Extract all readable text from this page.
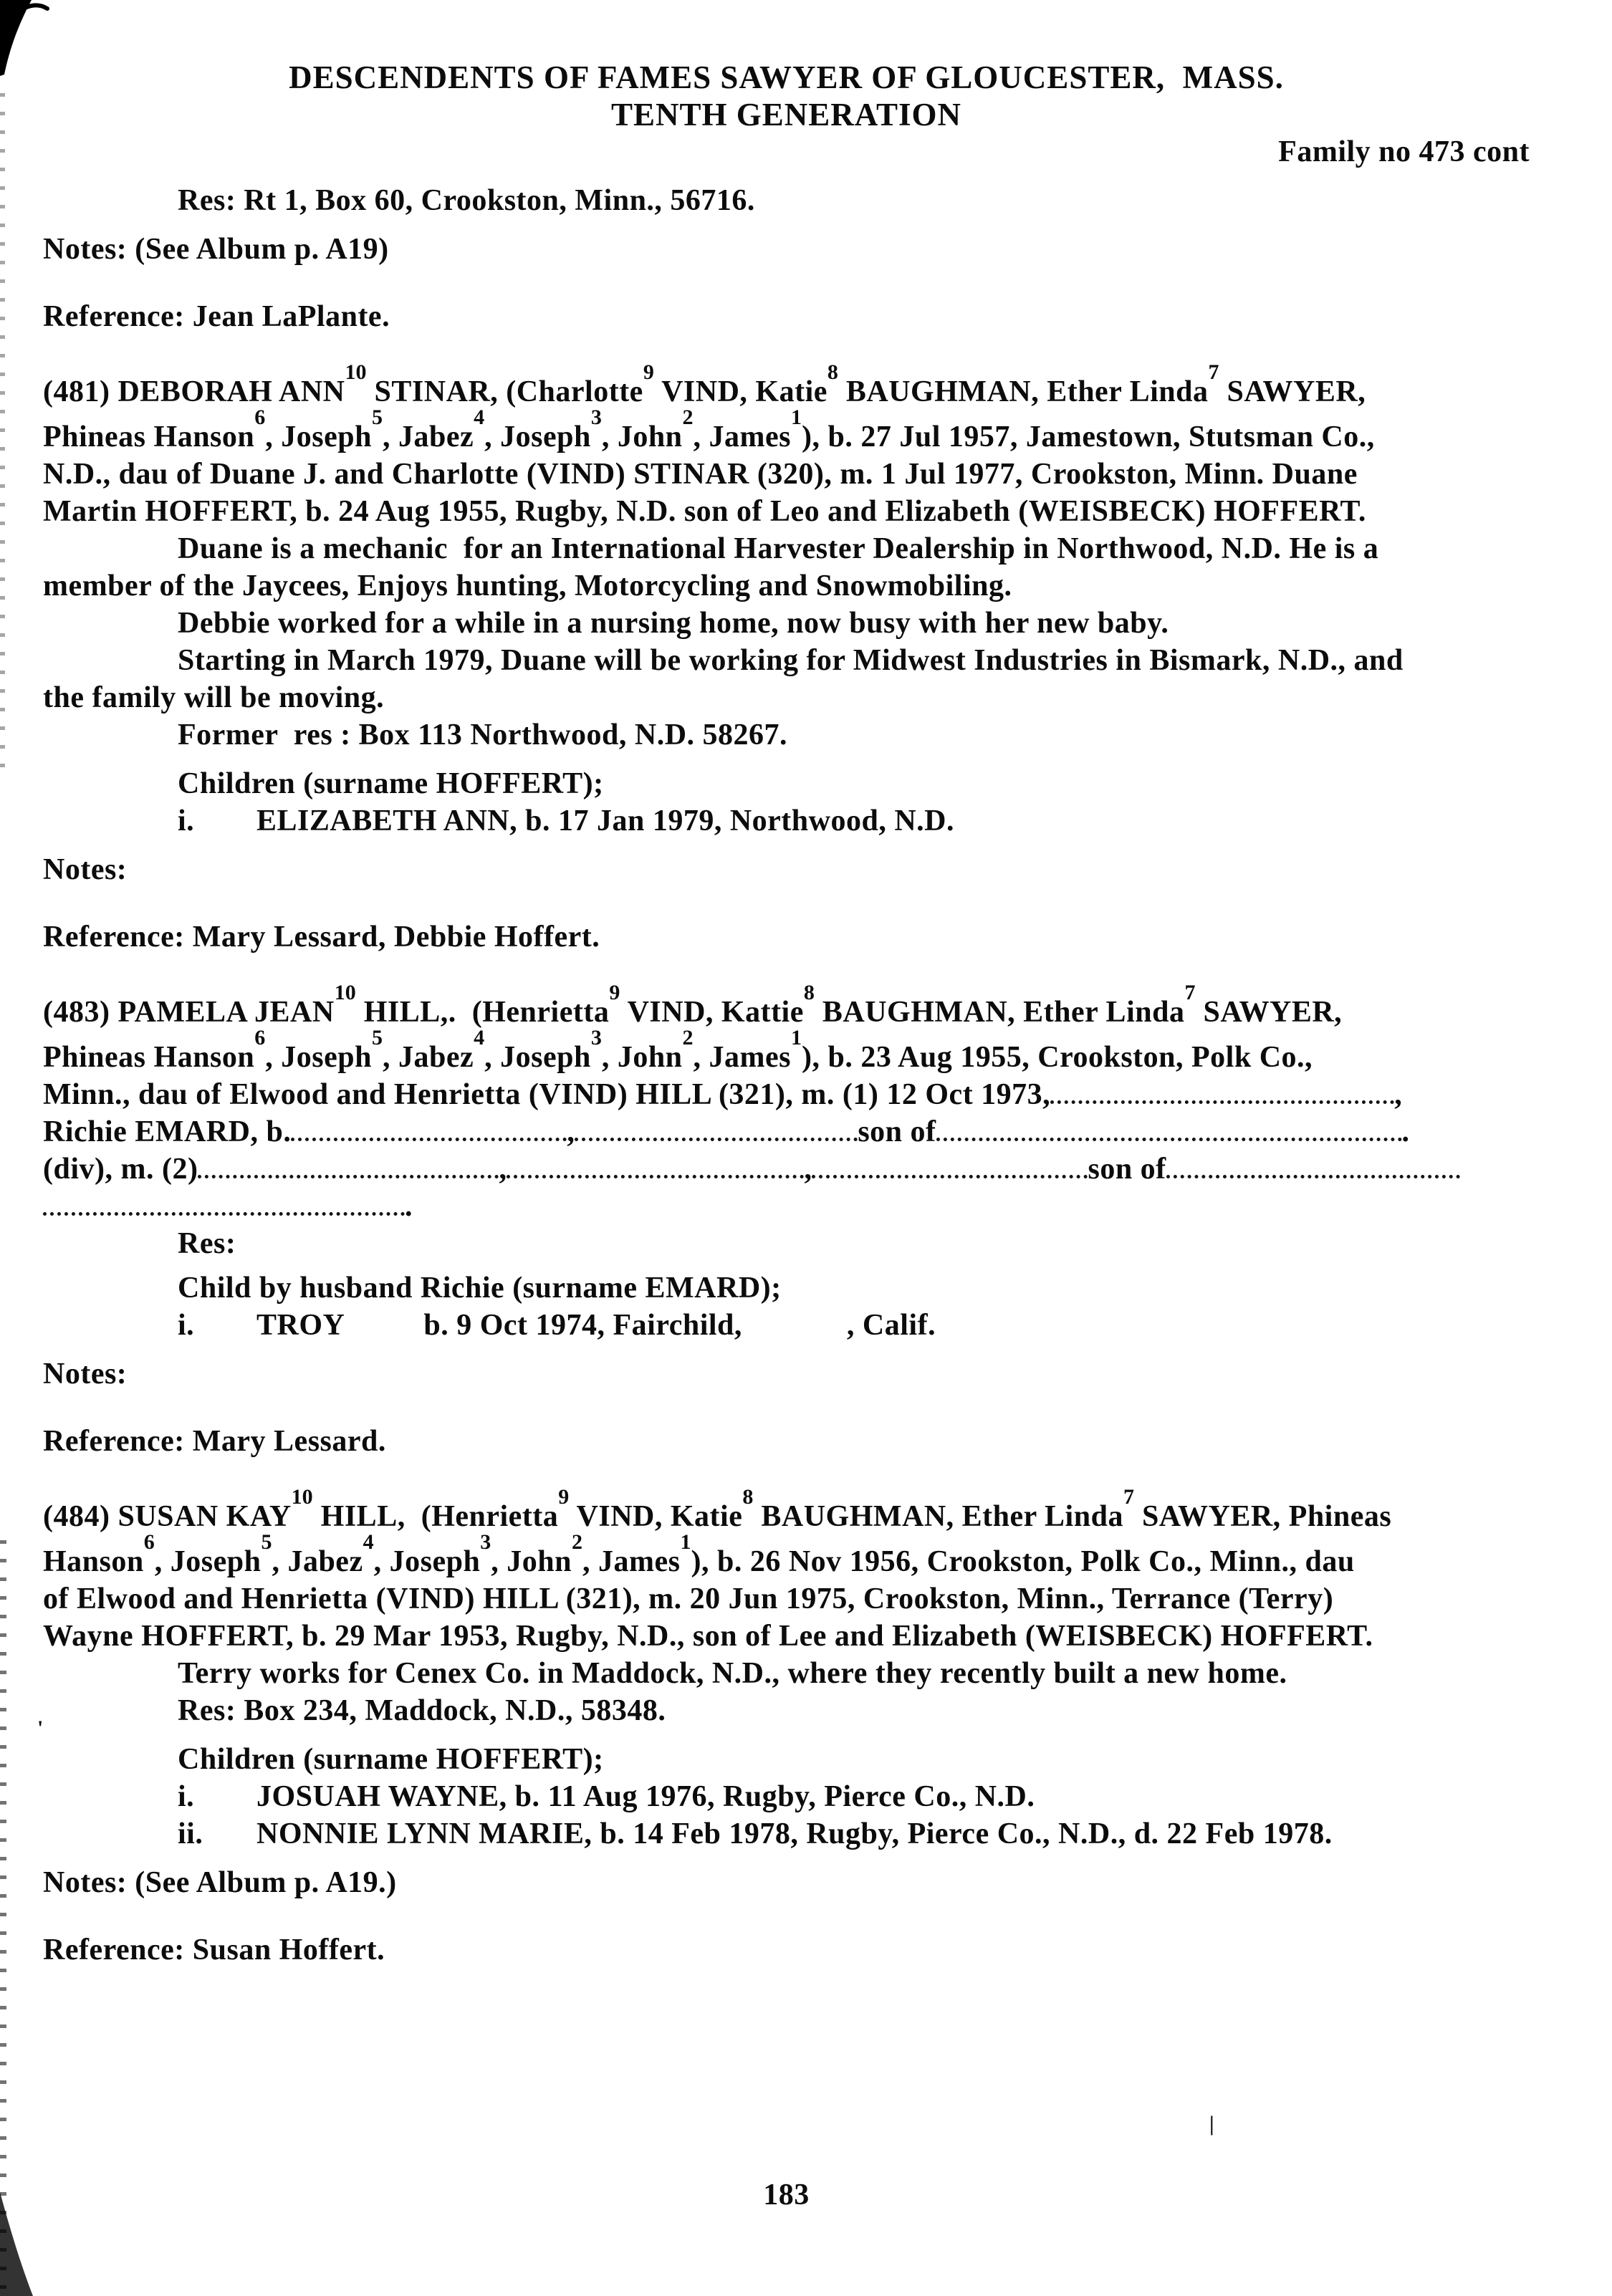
'
|
DESCENDENTS OF FAMES SAWYER OF GLOUCESTER,  MASS.
TENTH GENERATION
Family no 473 cont
Res: Rt 1, Box 60, Crookston, Minn., 56716.
Notes: (See Album p. A19)
Reference: Jean LaPlante.
(481) DEBORAH ANN$^{10}$ STINAR, (Charlotte$^9$ VIND, Katie$^8$ BAUGHMAN, Ether Linda$^7$ SAWYER,
Phineas Hanson$^6$, Joseph$^5$, Jabez$^4$, Joseph$^3$, John$^2$, James$^1$), b. 27 Jul 1957, Jamestown, Stutsman Co.,
N.D., dau of Duane J. and Charlotte (VIND) STINAR (320), m. 1 Jul 1977, Crookston, Minn. Duane
Martin HOFFERT, b. 24 Aug 1955, Rugby, N.D. son of Leo and Elizabeth (WEISBECK) HOFFERT.
Duane is a mechanic  for an International Harvester Dealership in Northwood, N.D. He is a
member of the Jaycees, Enjoys hunting, Motorcycling and Snowmobiling.
Debbie worked for a while in a nursing home, now busy with her new baby.
Starting in March 1979, Duane will be working for Midwest Industries in Bismark, N.D., and
the family will be moving.
Former  res : Box 113 Northwood, N.D. 58267.
Children (surname HOFFERT);
i. ELIZABETH ANN, b. 17 Jan 1979, Northwood, N.D.
Notes:
Reference: Mary Lessard, Debbie Hoffert.
(483) PAMELA JEAN$^{10}$ HILL,.  (Henrietta$^9$ VIND, Kattie$^8$ BAUGHMAN, Ether Linda$^7$ SAWYER,
Phineas Hanson$^6$, Joseph$^5$, Jabez$^4$, Joseph$^3$, John$^2$, James$^1$), b. 23 Aug 1955, Crookston, Polk Co.,
Minn., dau of Elwood and Henrietta (VIND) HILL (321), m. (1) 12 Oct 1973,	,
Richie EMARD, b.	,	son of	.
(div), m. (2)	,	,	son of
.
Res:
Child by husband Richie (surname EMARD);
i. TROY	b. 9 Oct 1974, Fairchild,	, Calif.
Notes:
Reference: Mary Lessard.
(484) SUSAN KAY$^{10}$ HILL,  (Henrietta$^9$ VIND, Katie$^8$ BAUGHMAN, Ether Linda$^7$ SAWYER, Phineas
Hanson$^6$, Joseph$^5$, Jabez$^4$, Joseph$^3$, John$^2$, James$^1$), b. 26 Nov 1956, Crookston, Polk Co., Minn., dau
of Elwood and Henrietta (VIND) HILL (321), m. 20 Jun 1975, Crookston, Minn., Terrance (Terry)
Wayne HOFFERT, b. 29 Mar 1953, Rugby, N.D., son of Lee and Elizabeth (WEISBECK) HOFFERT.
Terry works for Cenex Co. in Maddock, N.D., where they recently built a new home.
Res: Box 234, Maddock, N.D., 58348.
Children (surname HOFFERT);
i. JOSUAH WAYNE, b. 11 Aug 1976, Rugby, Pierce Co., N.D.
ii. NONNIE LYNN MARIE, b. 14 Feb 1978, Rugby, Pierce Co., N.D., d. 22 Feb 1978.
Notes: (See Album p. A19.)
Reference: Susan Hoffert.
183
